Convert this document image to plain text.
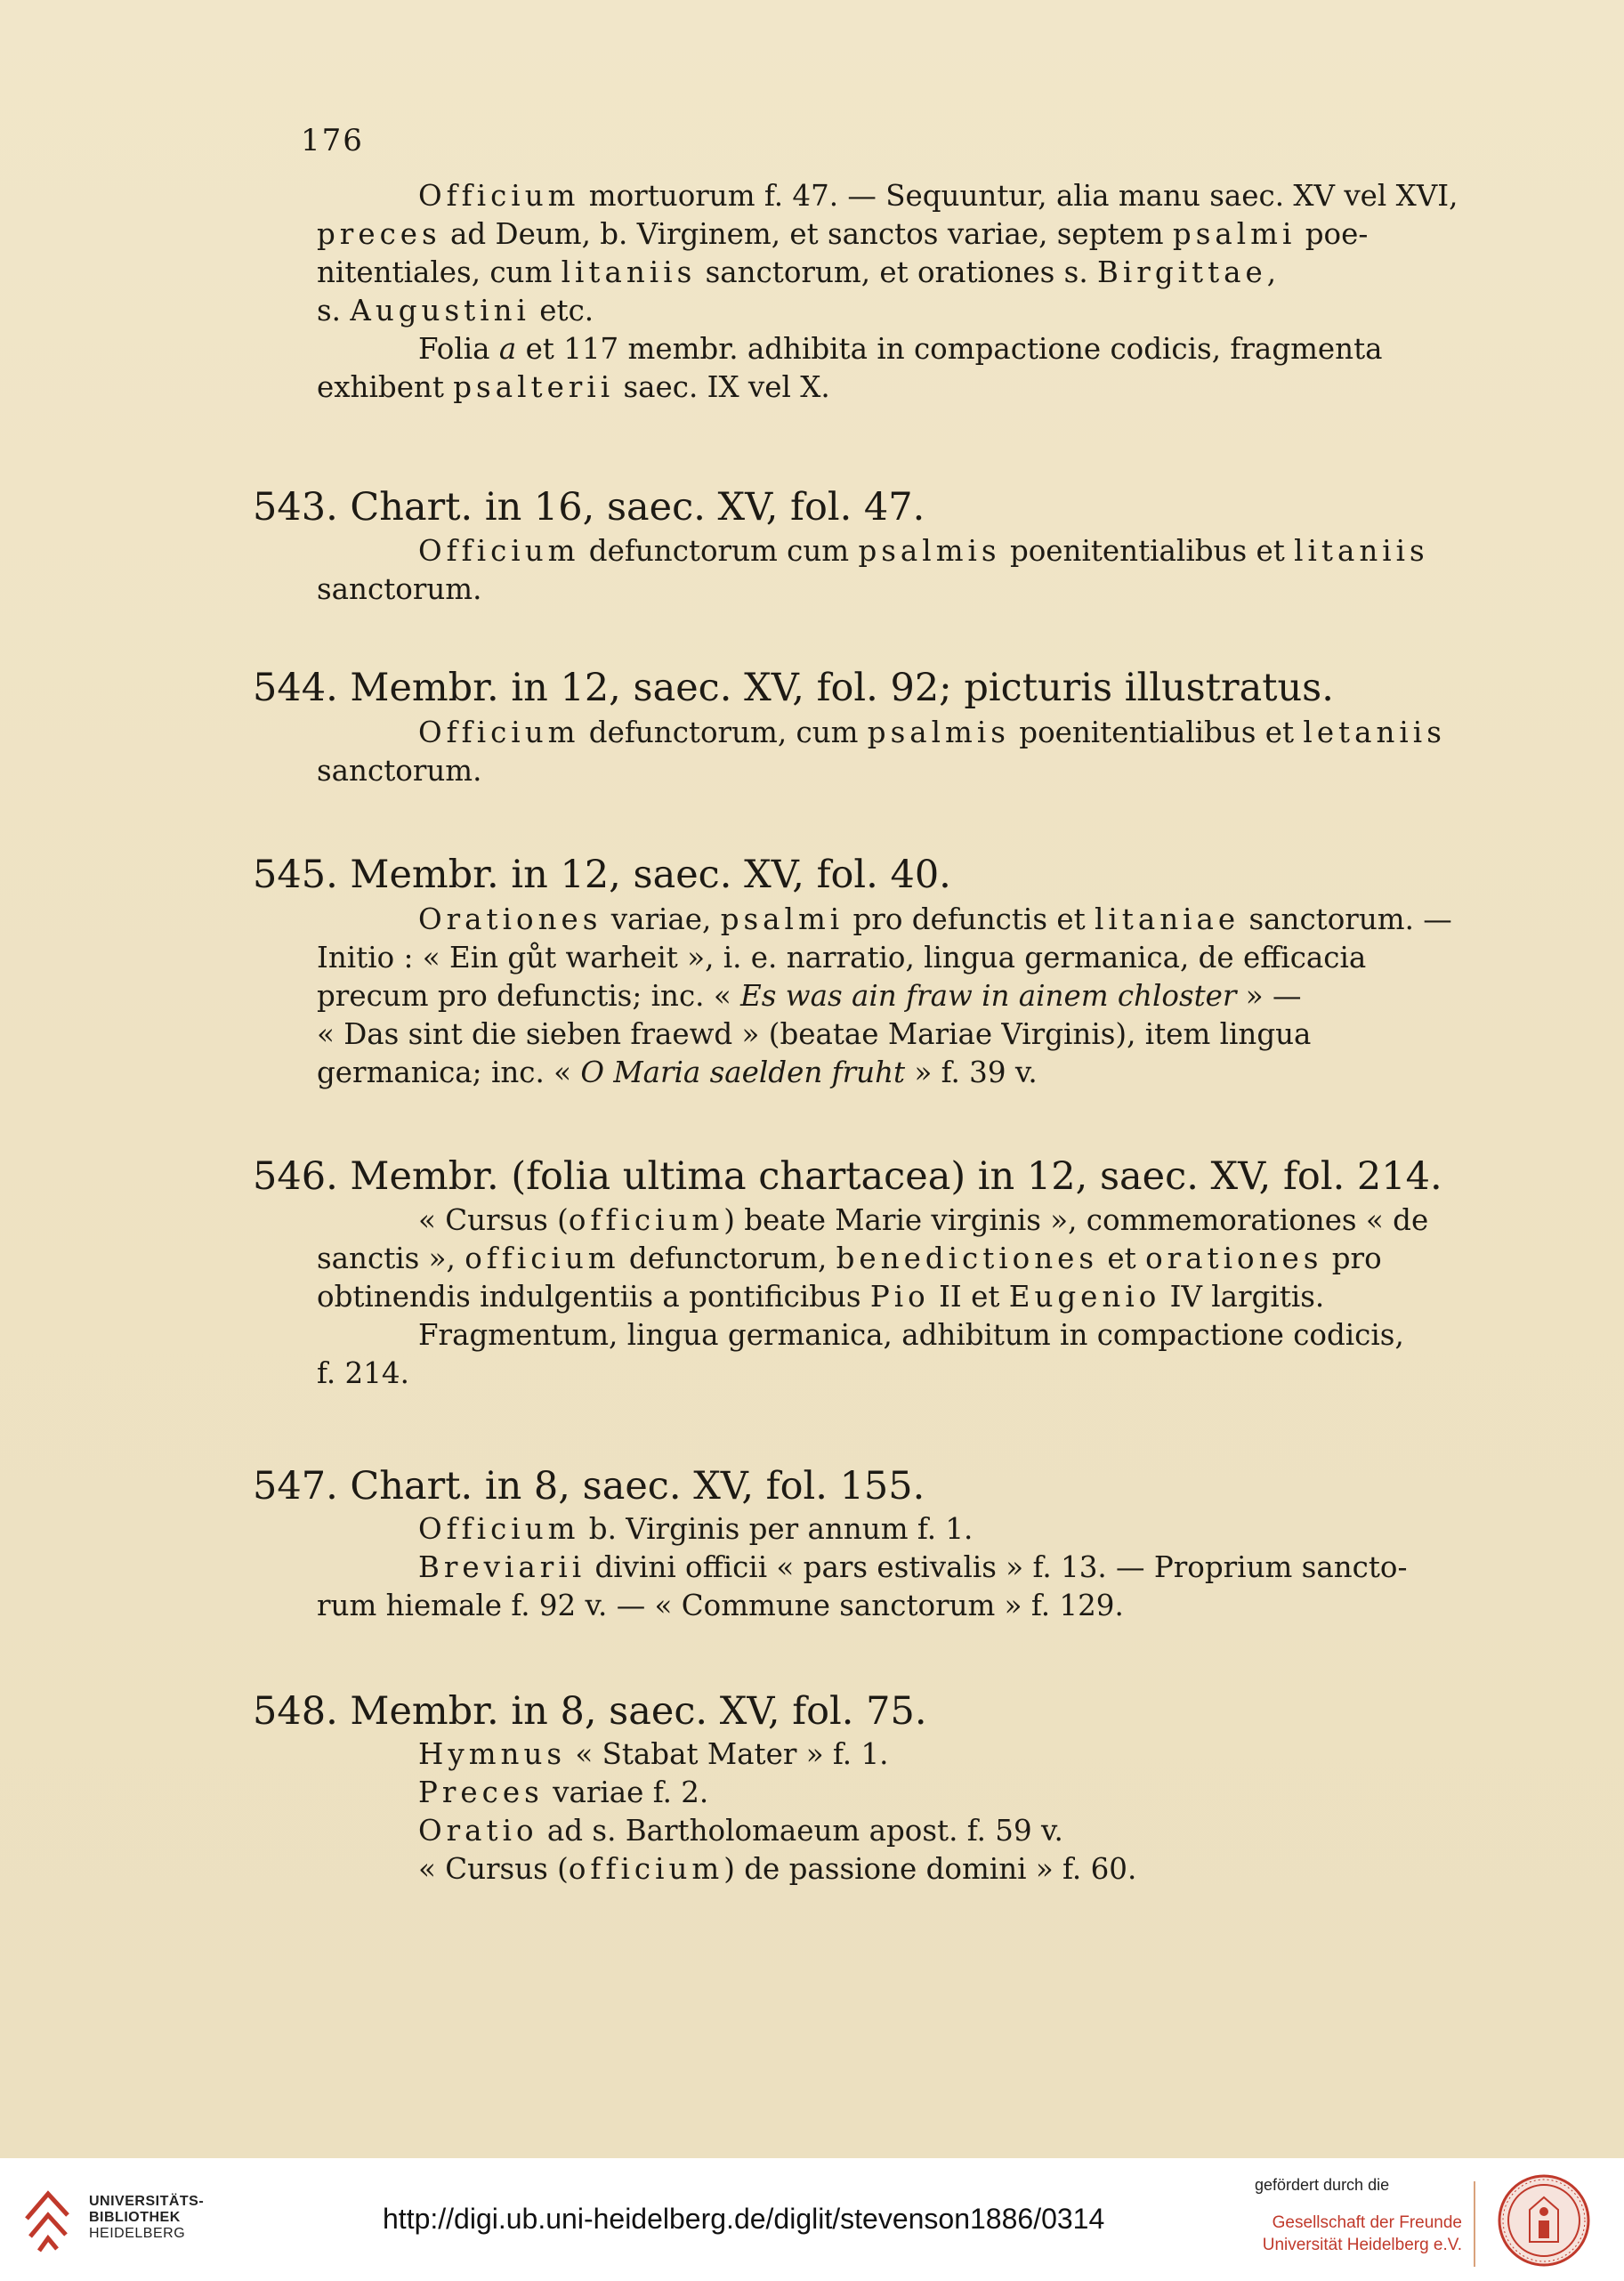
176

Officium mortuorum f. 47. — Sequuntur, alia manu saec. XV vel XVI,
preces ad Deum, b. Virginem, et sanctos variae, septem psalmi poe-
nitentiales, cum litaniis sanctorum, et orationes s. Birgittae,
s. Augustini etc.

Folia a et 117 membr. adhibita in compactione codicis, fragmenta
exhibent psalterii saec. IX vel X.

543. Chart. in 16, saec. XV, fol. 47.

Officium defunctorum cum psalmis poenitentialibus et litaniis
sanctorum.

544. Membr. in 12, saec. XV, fol. 92; picturis illustratus.

Officium defunctorum, cum psalmis poenitentialibus et letaniis
sanctorum.

545. Membr. in 12, saec. XV, fol. 40.

Orationes variae, psalmi pro defunctis et litaniae sanctorum. —
Initio : « Ein gůt warheit », i. e. narratio, lingua germanica, de efficacia
precum pro defunctis; inc. « Es was ain fraw in ainem chloster » —
« Das sint die sieben fraewd » (beatae Mariae Virginis), item lingua
germanica; inc. « O Maria saelden fruht » f. 39 v.

546. Membr. (folia ultima chartacea) in 12, saec. XV, fol. 214.

« Cursus (officium) beate Marie virginis », commemorationes « de
sanctis », officium defunctorum, benedictiones et orationes pro
obtinendis indulgentiis a pontificibus Pio II et Eugenio IV largitis.

Fragmentum, lingua germanica, adhibitum in compactione codicis,
f. 214.

547. Chart. in 8, saec. XV, fol. 155.

Officium b. Virginis per annum f. 1.

Breviarii divini officii « pars estivalis » f. 13. — Proprium sancto-
rum hiemale f. 92 v. — « Commune sanctorum » f. 129.

548. Membr. in 8, saec. XV, fol. 75.

Hymnus « Stabat Mater » f. 1.

Preces variae f. 2.

Oratio ad s. Bartholomaeum apost. f. 59 v.

« Cursus (officium) de passione domini » f. 60.

UNIVERSITÄTS-
BIBLIOTHEK
HEIDELBERG	http://digi.ub.uni-heidelberg.de/diglit/stevenson1886/0314
gefördert durch die
Gesellschaft der Freunde
Universität Heidelberg e.V.
